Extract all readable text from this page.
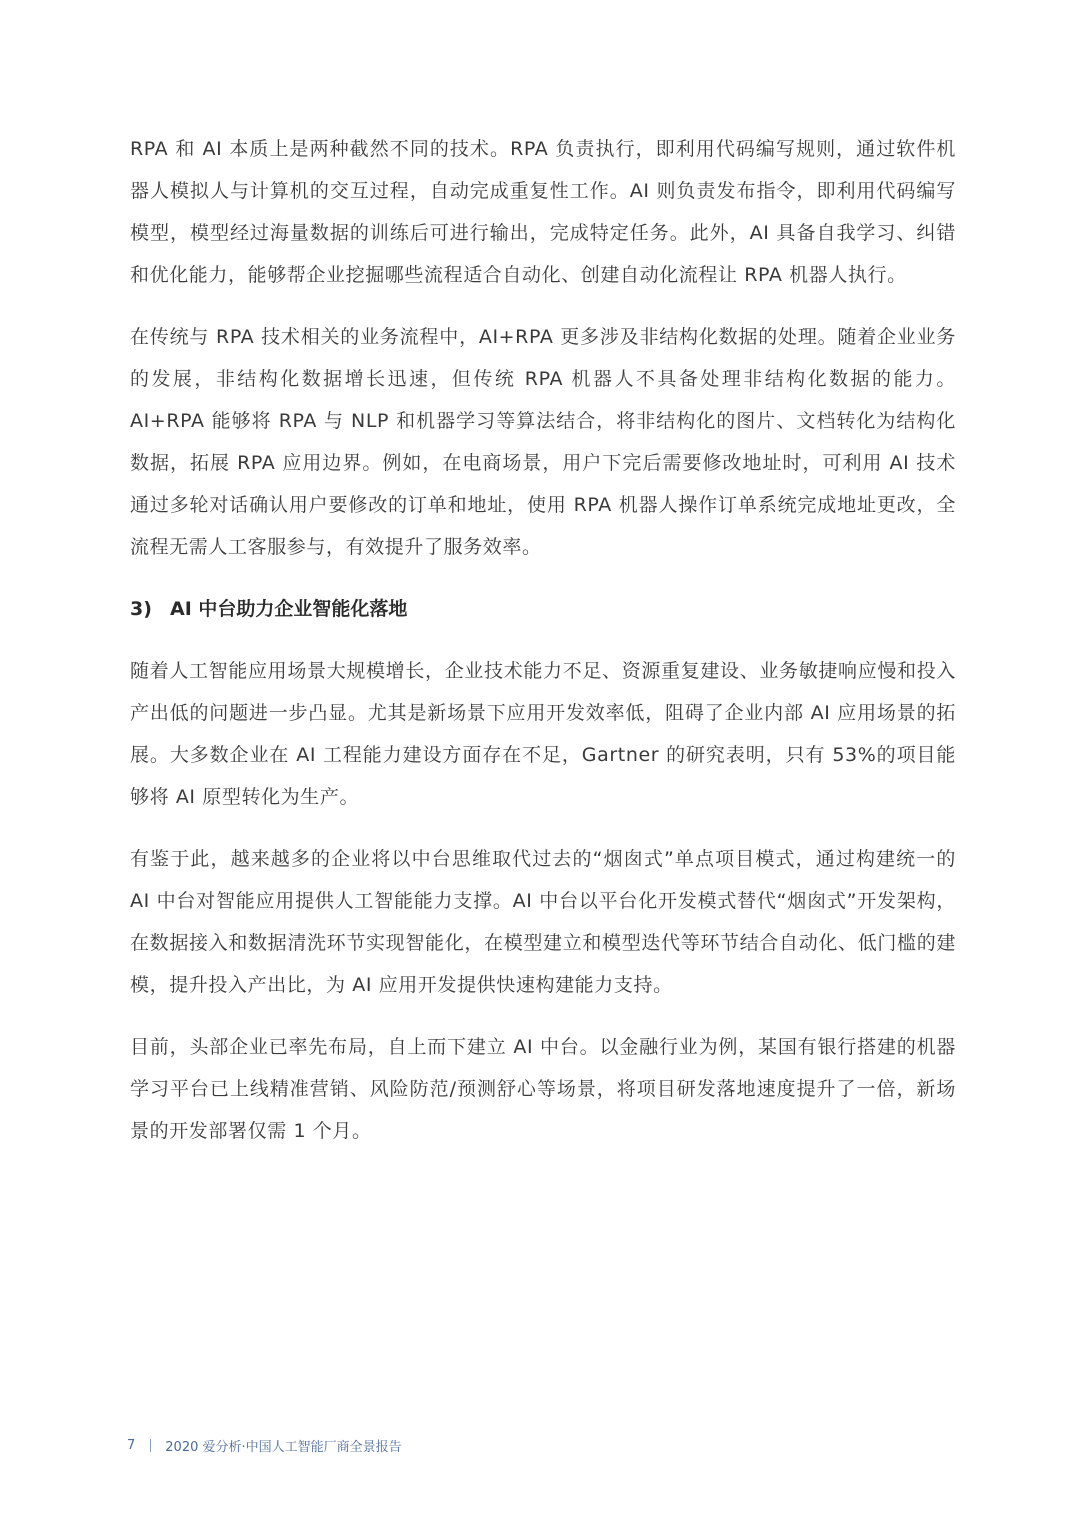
RPA 和 AI 本质上是两种截然不同的技术。RPA 负责执行，即利用代码编写规则，通过软件机器人模拟人与计算机的交互过程，自动完成重复性工作。AI 则负责发布指令，即利用代码编写模型，模型经过海量数据的训练后可进行输出，完成特定任务。此外，AI 具备自我学习、纠错和优化能力，能够帮企业挖掘哪些流程适合自动化、创建自动化流程让 RPA 机器人执行。

在传统与 RPA 技术相关的业务流程中，AI+RPA 更多涉及非结构化数据的处理。随着企业业务的发展，非结构化数据增长迅速，但传统 RPA 机器人不具备处理非结构化数据的能力。AI+RPA 能够将 RPA 与 NLP 和机器学习等算法结合，将非结构化的图片、文档转化为结构化数据，拓展 RPA 应用边界。例如，在电商场景，用户下完后需要修改地址时，可利用 AI 技术通过多轮对话确认用户要修改的订单和地址，使用 RPA 机器人操作订单系统完成地址更改，全流程无需人工客服参与，有效提升了服务效率。

3) AI 中台助力企业智能化落地

随着人工智能应用场景大规模增长，企业技术能力不足、资源重复建设、业务敏捷响应慢和投入产出低的问题进一步凸显。尤其是新场景下应用开发效率低，阻碍了企业内部 AI 应用场景的拓展。大多数企业在 AI 工程能力建设方面存在不足，Gartner 的研究表明，只有 53%的项目能够将 AI 原型转化为生产。

有鉴于此，越来越多的企业将以中台思维取代过去的“烟囱式”单点项目模式，通过构建统一的 AI 中台对智能应用提供人工智能能力支撑。AI 中台以平台化开发模式替代“烟囱式”开发架构，在数据接入和数据清洗环节实现智能化，在模型建立和模型迭代等环节结合自动化、低门槛的建模，提升投入产出比，为 AI 应用开发提供快速构建能力支持。

目前，头部企业已率先布局，自上而下建立 AI 中台。以金融行业为例，某国有银行搭建的机器学习平台已上线精准营销、风险防范/预测舒心等场景，将项目研发落地速度提升了一倍，新场景的开发部署仅需 1 个月。

7 2020 爱分析·中国人工智能厂商全景报告
